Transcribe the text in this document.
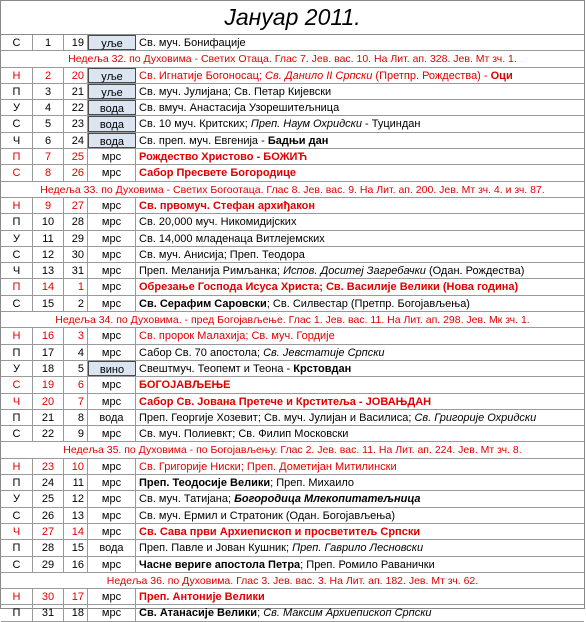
Јануар 2011.
С	1	19	уље	Св. муч. Бонифације
Недеља 32. по Духовима - Светих Отаца. Глас 7. Јев. вас. 10. На Лит. ап. 328. Јев. Мт зч. 1.
Н	2	20	уље	Св. Игнатије Богоносац; Св. Данило II Српски (Претпр. Рождества) - Оци
П	3	21	уље	Св. муч. Јулијана; Св. Петар Кијевски
У	4	22	вода	Св. вмуч. Анастасија Узорешитељница
С	5	23	вода	Св. 10 муч. Критских; Преп. Наум Охридски - Туциндан
Ч	6	24	вода	Св. преп. муч. Евгенија - Бадњи дан
П	7	25	мрс	Рождество Христово - БОЖИЋ
С	8	26	мрс	Сабор Пресвете Богородице
Недеља 33. по Духовима - Светих Богоотаца. Глас 8. Јев. вас. 9. На Лит. ап. 200. Јев. Мт зч. 4. и зч. 87.
Н	9	27	мрс	Св. првомуч. Стефан архиђакон
П	10	28	мрс	Св. 20,000 муч. Никомидијских
У	11	29	мрс	Св. 14,000 младенаца Витлејемских
С	12	30	мрс	Св. муч. Анисија; Преп. Теодора
Ч	13	31	мрс	Преп. Меланија Римљанка; Испов. Доситеј Загребачки (Одан. Рождества)
П	14	1	мрс	Обрезање Господа Исуса Христа; Св. Василије Велики (Нова година)
С	15	2	мрс	Св. Серафим Саровски; Св. Силвестар (Претпр. Богојављења)
Недеља 34. по Духовима. - пред Богојављење. Глас 1. Јев. вас. 11. На Лит. ап. 298. Јев. Мк зч. 1.
Н	16	3	мрс	Св. пророк Малахија; Св. муч. Гордије
П	17	4	мрс	Сабор Св. 70 апостола; Св. Јевстатије Српски
У	18	5	вино	Свештмуч. Теопемт и Теона - Крстовдан
С	19	6	мрс	БОГОЈАВЉЕЊЕ
Ч	20	7	мрс	Сабор Св. Јована Претече и Крститеља - ЈОВАЊДАН
П	21	8	вода	Преп. Георгије Хозевит; Св. муч. Јулијан и Василиса; Св. Григорије Охридски
С	22	9	мрс	Св. муч. Полиевкт; Св. Филип Московски
Недеља 35. по Духовима - по Богојављењу. Глас 2. Јев. вас. 11. На Лит. ап. 224. Јев. Мт зч. 8.
Н	23	10	мрс	Св. Григорије Ниски; Преп. Дометијан Митилински
П	24	11	мрс	Преп. Теодосије Велики; Преп. Михаило
У	25	12	мрс	Св. муч. Татијана; Богородица Млекопитатељница
С	26	13	мрс	Св. муч. Ермил и Стратоник (Одан. Богојављења)
Ч	27	14	мрс	Св. Сава први Архиепископ и просветитељ Српски
П	28	15	вода	Преп. Павле и Јован Кушник; Преп. Гаврило Лесновски
С	29	16	мрс	Часне вериге апостола Петра; Преп. Ромило Раванички
Недеља 36. по Духовима. Глас 3. Јев. вас. 3. На Лит. ап. 182. Јев. Мт зч. 62.
Н	30	17	мрс	Преп. Антоније Велики
П	31	18	мрс	Св. Атанасије Велики; Св. Максим Архиепископ Српски
